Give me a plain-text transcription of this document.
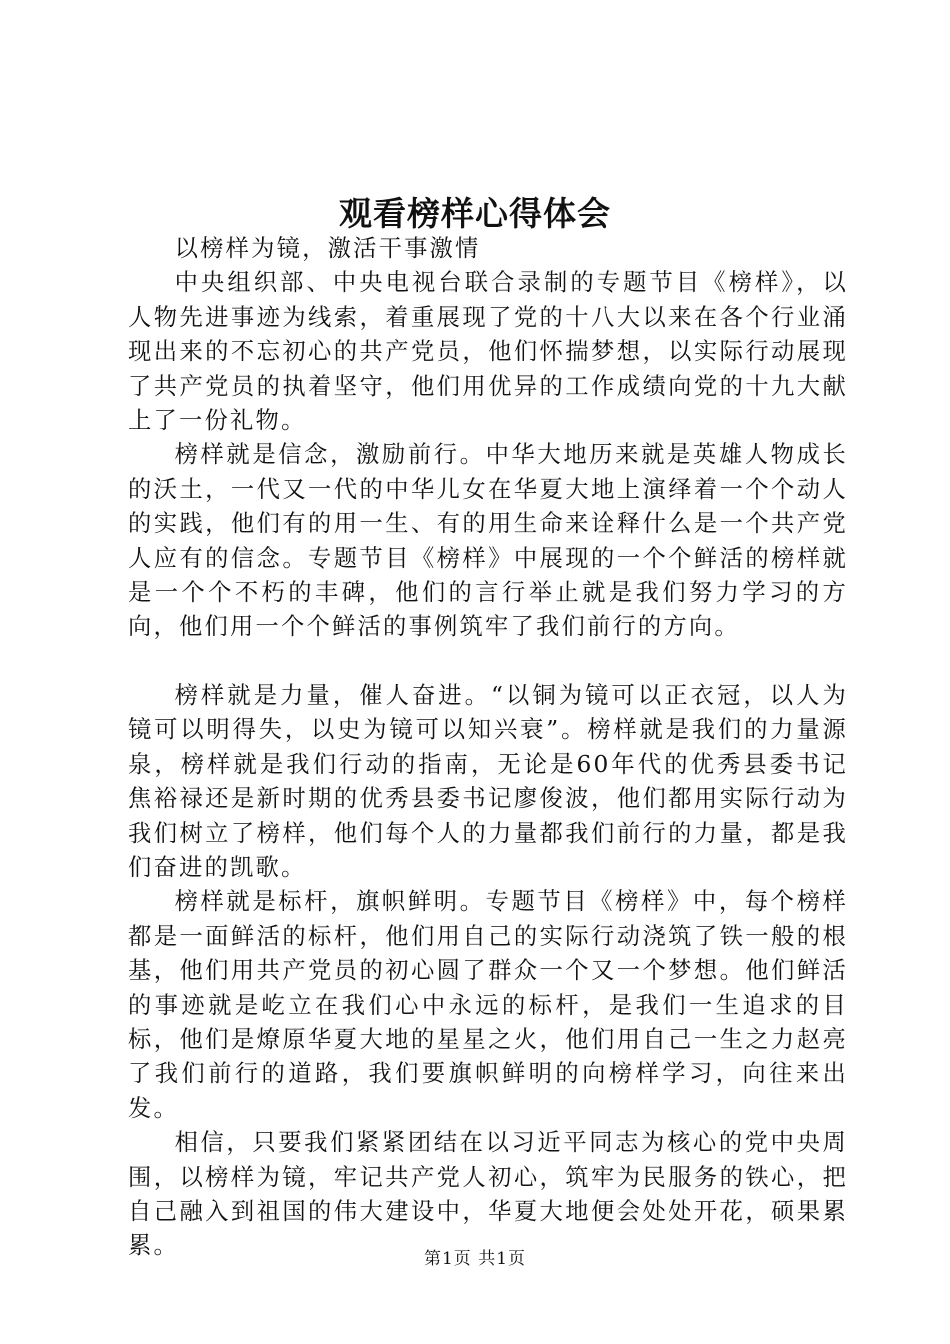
观看榜样心得体会

以榜样为镜，激活干事激情

中央组织部、中央电视台联合录制的专题节目《榜样》，以人物先进事迹为线索，着重展现了党的十八大以来在各个行业涌现出来的不忘初心的共产党员，他们怀揣梦想，以实际行动展现了共产党员的执着坚守，他们用优异的工作成绩向党的十九大献上了一份礼物。

榜样就是信念，激励前行。中华大地历来就是英雄人物成长的沃土，一代又一代的中华儿女在华夏大地上演绎着一个个动人的实践，他们有的用一生、有的用生命来诠释什么是一个共产党人应有的信念。专题节目《榜样》中展现的一个个鲜活的榜样就是一个个不朽的丰碑，他们的言行举止就是我们努力学习的方向，他们用一个个鲜活的事例筑牢了我们前行的方向。

榜样就是力量，催人奋进。“以铜为镜可以正衣冠，以人为镜可以明得失，以史为镜可以知兴衰”。榜样就是我们的力量源泉，榜样就是我们行动的指南，无论是60年代的优秀县委书记焦裕禄还是新时期的优秀县委书记廖俊波，他们都用实际行动为我们树立了榜样，他们每个人的力量都我们前行的力量，都是我们奋进的凯歌。

榜样就是标杆，旗帜鲜明。专题节目《榜样》中，每个榜样都是一面鲜活的标杆，他们用自己的实际行动浇筑了铁一般的根基，他们用共产党员的初心圆了群众一个又一个梦想。他们鲜活的事迹就是屹立在我们心中永远的标杆，是我们一生追求的目标，他们是燎原华夏大地的星星之火，他们用自己一生之力赵亮了我们前行的道路，我们要旗帜鲜明的向榜样学习，向往来出发。

相信，只要我们紧紧团结在以习近平同志为核心的党中央周围，以榜样为镜，牢记共产党人初心，筑牢为民服务的铁心，把自己融入到祖国的伟大建设中，华夏大地便会处处开花，硕果累累。	第1页 共1页
